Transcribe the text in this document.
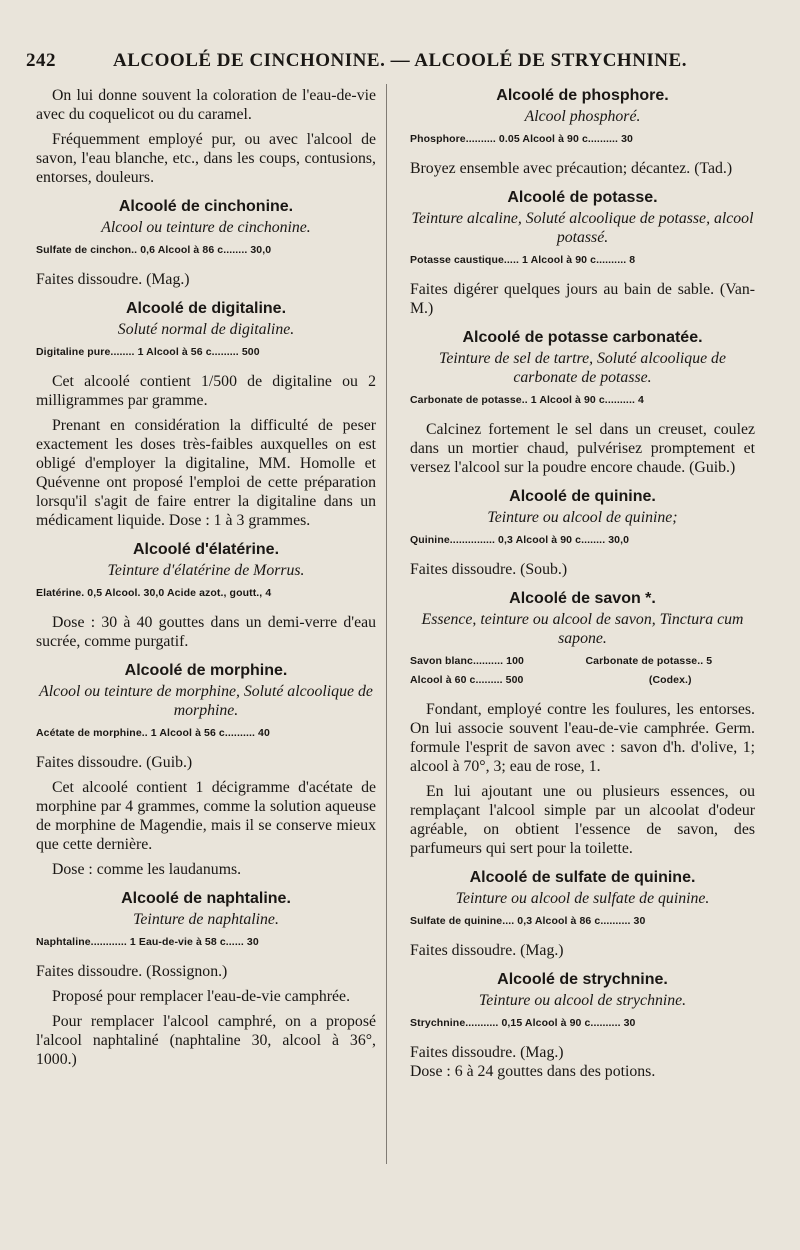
242	ALCOOLÉ DE CINCHONINE. — ALCOOLÉ DE STRYCHNINE.

On lui donne souvent la coloration de l'eau-de-vie avec du coquelicot ou du caramel.

Fréquemment employé pur, ou avec l'alcool de savon, l'eau blanche, etc., dans les coups, contusions, entorses, douleurs.

Alcoolé de cinchonine.
Alcool ou teinture de cinchonine.
Sulfate de cinchon.. 0,6 Alcool à 86 c........ 30,0

Faites dissoudre. (Mag.)

Alcoolé de digitaline.
Soluté normal de digitaline.
Digitaline pure........ 1 Alcool à 56 c......... 500

Cet alcoolé contient 1/500 de digitaline ou 2 milligrammes par gramme.

Prenant en considération la difficulté de peser exactement les doses très-faibles auxquelles on est obligé d'employer la digitaline, MM. Homolle et Quévenne ont proposé l'emploi de cette préparation lorsqu'il s'agit de faire entrer la digitaline dans un médicament liquide. Dose : 1 à 3 grammes.

Alcoolé d'élatérine.
Teinture d'élatérine de Morrus.
Elatérine. 0,5 Alcool. 30,0 Acide azot., goutt., 4

Dose : 30 à 40 gouttes dans un demi-verre d'eau sucrée, comme purgatif.

Alcoolé de morphine.
Alcool ou teinture de morphine, Soluté alcoolique de morphine.
Acétate de morphine.. 1 Alcool à 56 c.......... 40

Faites dissoudre. (Guib.)

Cet alcoolé contient 1 décigramme d'acétate de morphine par 4 grammes, comme la solution aqueuse de morphine de Magendie, mais il se conserve mieux que cette dernière.

Dose : comme les laudanums.

Alcoolé de naphtaline.
Teinture de naphtaline.
Naphtaline............ 1 Eau-de-vie à 58 c...... 30

Faites dissoudre. (Rossignon.)

Proposé pour remplacer l'eau-de-vie camphrée.

Pour remplacer l'alcool camphré, on a proposé l'alcool naphtaliné (naphtaline 30, alcool à 36°, 1000.)

Alcoolé de phosphore.
Alcool phosphoré.
Phosphore.......... 0.05 Alcool à 90 c.......... 30

Broyez ensemble avec précaution; décantez. (Tad.)

Alcoolé de potasse.
Teinture alcaline, Soluté alcoolique de potasse, alcool potassé.
Potasse caustique..... 1 Alcool à 90 c.......... 8

Faites digérer quelques jours au bain de sable. (Van-M.)

Alcoolé de potasse carbonatée.
Teinture de sel de tartre, Soluté alcoolique de carbonate de potasse.
Carbonate de potasse.. 1 Alcool à 90 c.......... 4

Calcinez fortement le sel dans un creuset, coulez dans un mortier chaud, pulvérisez promptement et versez l'alcool sur la poudre encore chaude. (Guib.)

Alcoolé de quinine.
Teinture ou alcool de quinine;
Quinine............... 0,3 Alcool à 90 c........ 30,0

Faites dissoudre. (Soub.)

Alcoolé de savon *.
Essence, teinture ou alcool de savon, Tinctura cum sapone.
Savon blanc.......... 100	Carbonate de potasse.. 5
Alcool à 60 c......... 500	(Codex.)

Fondant, employé contre les foulures, les entorses. On lui associe souvent l'eau-de-vie camphrée. Germ. formule l'esprit de savon avec : savon d'h. d'olive, 1; alcool à 70°, 3; eau de rose, 1.

En lui ajoutant une ou plusieurs essences, ou remplaçant l'alcool simple par un alcoolat d'odeur agréable, on obtient l'essence de savon, des parfumeurs qui sert pour la toilette.

Alcoolé de sulfate de quinine.
Teinture ou alcool de sulfate de quinine.
Sulfate de quinine.... 0,3 Alcool à 86 c.......... 30

Faites dissoudre. (Mag.)

Alcoolé de strychnine.
Teinture ou alcool de strychnine.
Strychnine........... 0,15 Alcool à 90 c.......... 30

Faites dissoudre. (Mag.)

Dose : 6 à 24 gouttes dans des potions.
